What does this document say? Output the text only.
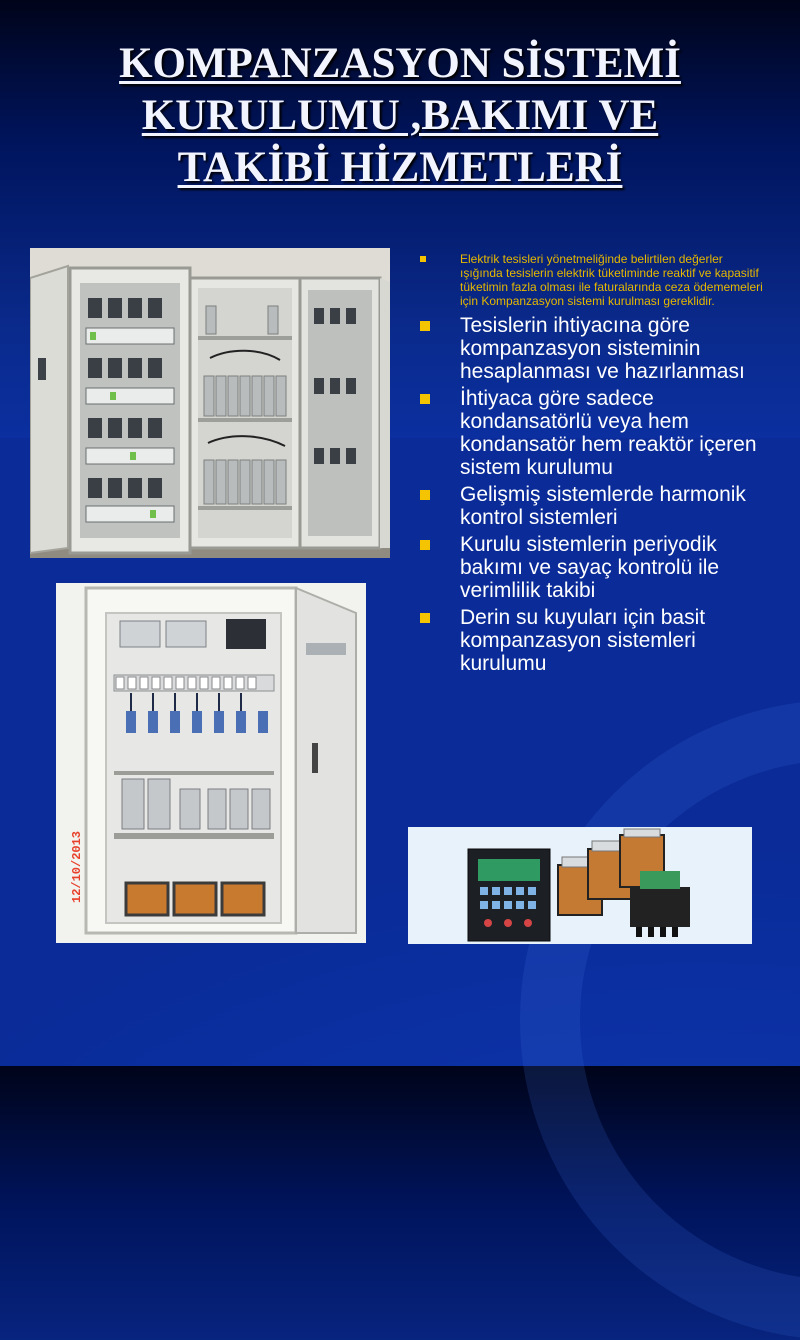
KOMPANZASYON SİSTEMİ
KURULUMU ,BAKIMI VE
TAKİBİ HİZMETLERİ
12/10/2013
Elektrik tesisleri yönetmeliğinde belirtilen değerler ışığında tesislerin elektrik tüketiminde reaktif ve kapasitif tüketimin fazla olması ile faturalarında ceza ödememeleri için Kompanzasyon sistemi kurulması gereklidir.
Tesislerin ihtiyacına göre kompanzasyon sisteminin hesaplanması ve hazırlanması
İhtiyaca göre sadece kondansatörlü veya hem kondansatör hem reaktör içeren sistem kurulumu
Gelişmiş sistemlerde harmonik kontrol sistemleri
Kurulu sistemlerin periyodik bakımı ve sayaç kontrolü ile verimlilik takibi
Derin su kuyuları için basit kompanzasyon sistemleri kurulumu
